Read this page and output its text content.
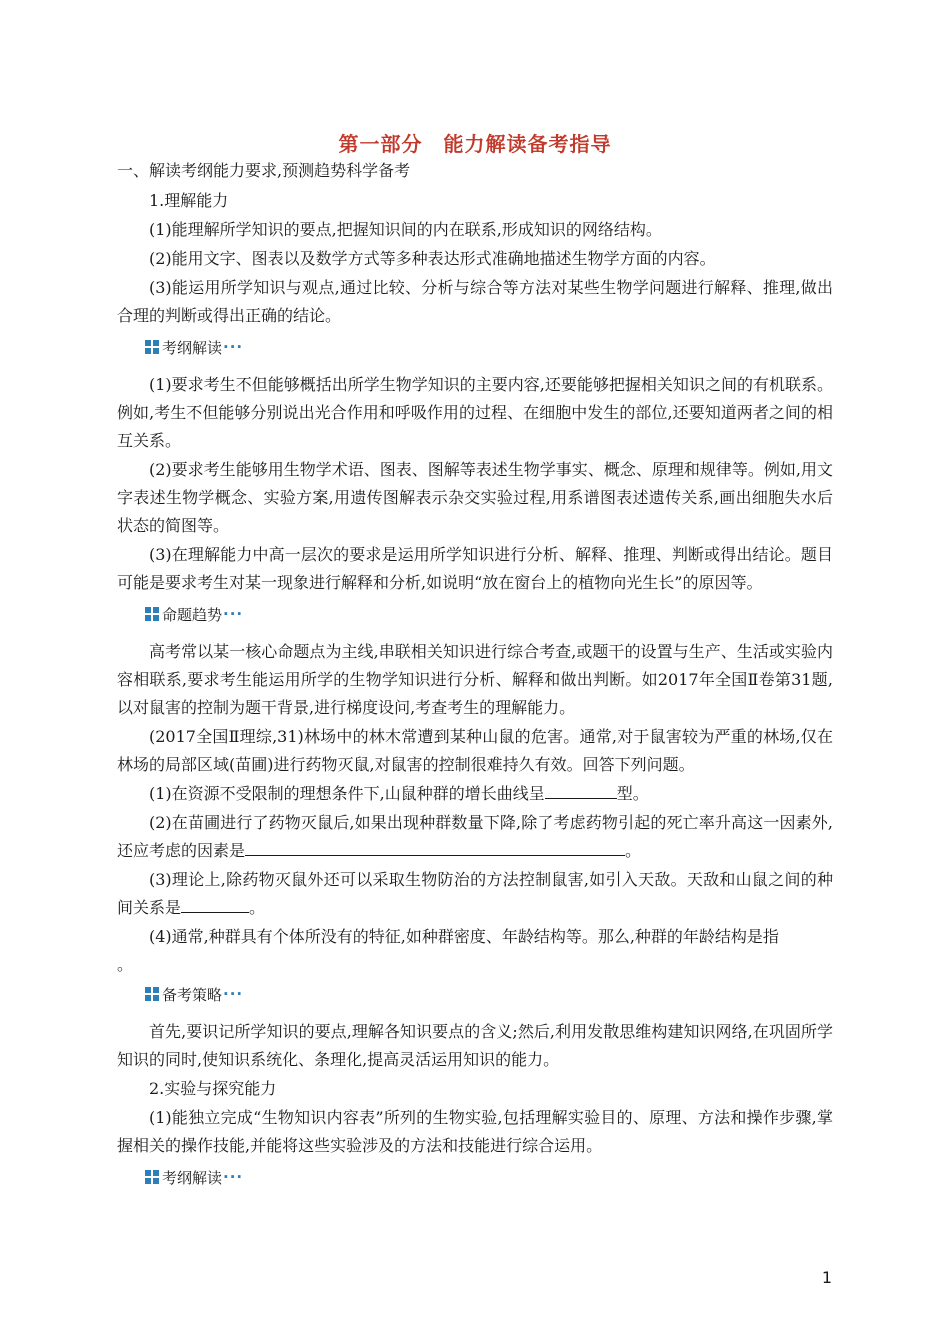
第一部分　能力解读备考指导
一、解读考纲能力要求,预测趋势科学备考
1.理解能力
(1)能理解所学知识的要点,把握知识间的内在联系,形成知识的网络结构。
(2)能用文字、图表以及数学方式等多种表达形式准确地描述生物学方面的内容。
(3)能运用所学知识与观点,通过比较、分析与综合等方法对某些生物学问题进行解释、推理,做出合理的判断或得出正确的结论。
考纲解读 ···
(1)要求考生不但能够概括出所学生物学知识的主要内容,还要能够把握相关知识之间的有机联系。例如,考生不但能够分别说出光合作用和呼吸作用的过程、在细胞中发生的部位,还要知道两者之间的相互关系。
(2)要求考生能够用生物学术语、图表、图解等表述生物学事实、概念、原理和规律等。例如,用文字表述生物学概念、实验方案,用遗传图解表示杂交实验过程,用系谱图表述遗传关系,画出细胞失水后状态的简图等。
(3)在理解能力中高一层次的要求是运用所学知识进行分析、解释、推理、判断或得出结论。题目可能是要求考生对某一现象进行解释和分析,如说明“放在窗台上的植物向光生长”的原因等。
命题趋势 ···
高考常以某一核心命题点为主线,串联相关知识进行综合考查,或题干的设置与生产、生活或实验内容相联系,要求考生能运用所学的生物学知识进行分析、解释和做出判断。如2017年全国Ⅱ卷第31题,以对鼠害的控制为题干背景,进行梯度设问,考查考生的理解能力。
(2017全国Ⅱ理综,31)林场中的林木常遭到某种山鼠的危害。通常,对于鼠害较为严重的林场,仅在林场的局部区域(苗圃)进行药物灭鼠,对鼠害的控制很难持久有效。回答下列问题。
(1)在资源不受限制的理想条件下,山鼠种群的增长曲线呈	型。
(2)在苗圃进行了药物灭鼠后,如果出现种群数量下降,除了考虑药物引起的死亡率升高这一因素外,还应考虑的因素是	。
(3)理论上,除药物灭鼠外还可以采取生物防治的方法控制鼠害,如引入天敌。天敌和山鼠之间的种间关系是	。
(4)通常,种群具有个体所没有的特征,如种群密度、年龄结构等。那么,种群的年龄结构是指
。
备考策略 ···
首先,要识记所学知识的要点,理解各知识要点的含义;然后,利用发散思维构建知识网络,在巩固所学知识的同时,使知识系统化、条理化,提高灵活运用知识的能力。
2.实验与探究能力
(1)能独立完成“生物知识内容表”所列的生物实验,包括理解实验目的、原理、方法和操作步骤,掌握相关的操作技能,并能将这些实验涉及的方法和技能进行综合运用。
考纲解读 ···
1
